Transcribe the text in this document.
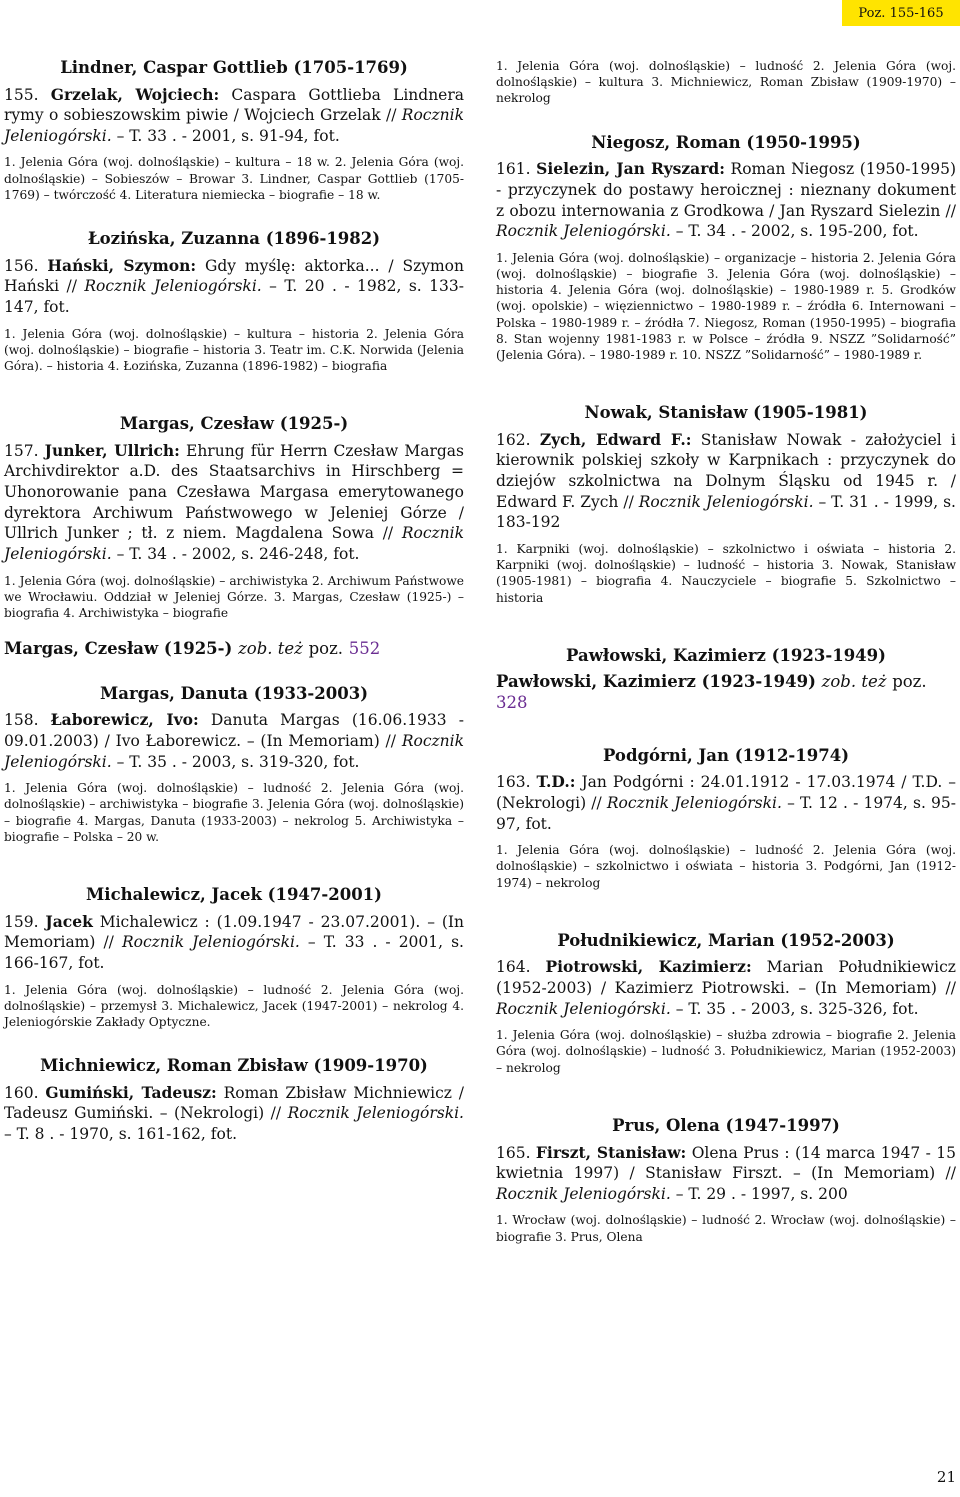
Poz. 155-165
Lindner, Caspar Gottlieb (1705-1769)
155. Grzelak, Wojciech: Caspara Gottlieba Lindnera rymy o sobieszowskim piwie / Wojciech Grzelak // Rocznik Jeleniogórski. – T. 33 . - 2001, s. 91-94, fot.
1. Jelenia Góra (woj. dolnośląskie) – kultura – 18 w. 2. Jelenia Góra (woj. dolnośląskie) – Sobieszów – Browar 3. Lindner, Caspar Gottlieb (1705-1769) – twórczość 4. Literatura niemiecka – biografie – 18 w.
Łozińska, Zuzanna (1896-1982)
156. Hański, Szymon: Gdy myślę: aktorka... / Szymon Hański // Rocznik Jeleniogórski. – T. 20 . - 1982, s. 133-147, fot.
1. Jelenia Góra (woj. dolnośląskie) – kultura – historia 2. Jelenia Góra (woj. dolnośląskie) – biografie – historia 3. Teatr im. C.K. Norwida (Jelenia Góra). – historia 4. Łozińska, Zuzanna (1896-1982) – biografia
Margas, Czesław (1925-)
157. Junker, Ullrich: Ehrung für Herrn Czesław Margas Archivdirektor a.D. des Staatsarchivs in Hirschberg = Uhonorowanie pana Czesława Margasa emerytowanego dyrektora Archiwum Państwowego w Jeleniej Górze / Ullrich Junker ; tł. z niem. Magdalena Sowa // Rocznik Jeleniogórski. – T. 34 . - 2002, s. 246-248, fot.
1. Jelenia Góra (woj. dolnośląskie) – archiwistyka 2. Archiwum Państwowe we Wrocławiu. Oddział w Jeleniej Górze. 3. Margas, Czesław (1925-) – biografia 4. Archiwistyka – biografie
Margas, Czesław (1925-) zob. też poz. 552
Margas, Danuta (1933-2003)
158. Łaborewicz, Ivo: Danuta Margas (16.06.1933 - 09.01.2003) / Ivo Łaborewicz. – (In Memoriam) // Rocznik Jeleniogórski. – T. 35 . - 2003, s. 319-320, fot.
1. Jelenia Góra (woj. dolnośląskie) – ludność 2. Jelenia Góra (woj. dolnośląskie) – archiwistyka – biografie 3. Jelenia Góra (woj. dolnośląskie) – biografie 4. Margas, Danuta (1933-2003) – nekrolog 5. Archiwistyka – biografie – Polska – 20 w.
Michalewicz, Jacek (1947-2001)
159. Jacek Michalewicz : (1.09.1947 - 23.07.2001). – (In Memoriam) // Rocznik Jeleniogórski. – T. 33 . - 2001, s. 166-167, fot.
1. Jelenia Góra (woj. dolnośląskie) – ludność 2. Jelenia Góra (woj. dolnośląskie) – przemysł 3. Michalewicz, Jacek (1947-2001) – nekrolog 4. Jeleniogórskie Zakłady Optyczne.
Michniewicz, Roman Zbisław (1909-1970)
160. Gumiński, Tadeusz: Roman Zbisław Michniewicz / Tadeusz Gumiński. – (Nekrologi) // Rocznik Jeleniogórski. – T. 8 . - 1970, s. 161-162, fot.
1. Jelenia Góra (woj. dolnośląskie) – ludność 2. Jelenia Góra (woj. dolnośląskie) – kultura 3. Michniewicz, Roman Zbisław (1909-1970) – nekrolog
Niegosz, Roman (1950-1995)
161. Sielezin, Jan Ryszard: Roman Niegosz (1950-1995) - przyczynek do postawy heroicznej : nieznany dokument z obozu internowania z Grodkowa / Jan Ryszard Sielezin // Rocznik Jeleniogórski. – T. 34 . - 2002, s. 195-200, fot.
1. Jelenia Góra (woj. dolnośląskie) – organizacje – historia 2. Jelenia Góra (woj. dolnośląskie) – biografie 3. Jelenia Góra (woj. dolnośląskie) – historia 4. Jelenia Góra (woj. dolnośląskie) – 1980-1989 r. 5. Grodków (woj. opolskie) – więziennictwo – 1980-1989 r. – źródła 6. Internowani – Polska – 1980-1989 r. – źródła 7. Niegosz, Roman (1950-1995) – biografia 8. Stan wojenny 1981-1983 r. w Polsce – źródła 9. NSZZ ”Solidarność” (Jelenia Góra). – 1980-1989 r. 10. NSZZ ”Solidarność” – 1980-1989 r.
Nowak, Stanisław (1905-1981)
162. Zych, Edward F.: Stanisław Nowak - założyciel i kierownik polskiej szkoły w Karpnikach : przyczynek do dziejów szkolnictwa na Dolnym Śląsku od 1945 r. / Edward F. Zych // Rocznik Jeleniogórski. – T. 31 . - 1999, s. 183-192
1. Karpniki (woj. dolnośląskie) – szkolnictwo i oświata – historia 2. Karpniki (woj. dolnośląskie) – ludność – historia 3. Nowak, Stanisław (1905-1981) – biografia 4. Nauczyciele – biografie 5. Szkolnictwo – historia
Pawłowski, Kazimierz (1923-1949)
Pawłowski, Kazimierz (1923-1949) zob. też poz. 328
Podgórni, Jan (1912-1974)
163. T.D.: Jan Podgórni : 24.01.1912 - 17.03.1974 / T.D. – (Nekrologi) // Rocznik Jeleniogórski. – T. 12 . - 1974, s. 95-97, fot.
1. Jelenia Góra (woj. dolnośląskie) – ludność 2. Jelenia Góra (woj. dolnośląskie) – szkolnictwo i oświata – historia 3. Podgórni, Jan (1912-1974) – nekrolog
Południkiewicz, Marian (1952-2003)
164. Piotrowski, Kazimierz: Marian Południkiewicz (1952-2003) / Kazimierz Piotrowski. – (In Memoriam) // Rocznik Jeleniogórski. – T. 35 . - 2003, s. 325-326, fot.
1. Jelenia Góra (woj. dolnośląskie) – służba zdrowia – biografie 2. Jelenia Góra (woj. dolnośląskie) – ludność 3. Południkiewicz, Marian (1952-2003) – nekrolog
Prus, Olena (1947-1997)
165. Firszt, Stanisław: Olena Prus : (14 marca 1947 - 15 kwietnia 1997) / Stanisław Firszt. – (In Memoriam) // Rocznik Jeleniogórski. – T. 29 . - 1997, s. 200
1. Wrocław (woj. dolnośląskie) – ludność 2. Wrocław (woj. dolnośląskie) – biografie 3. Prus, Olena
21
